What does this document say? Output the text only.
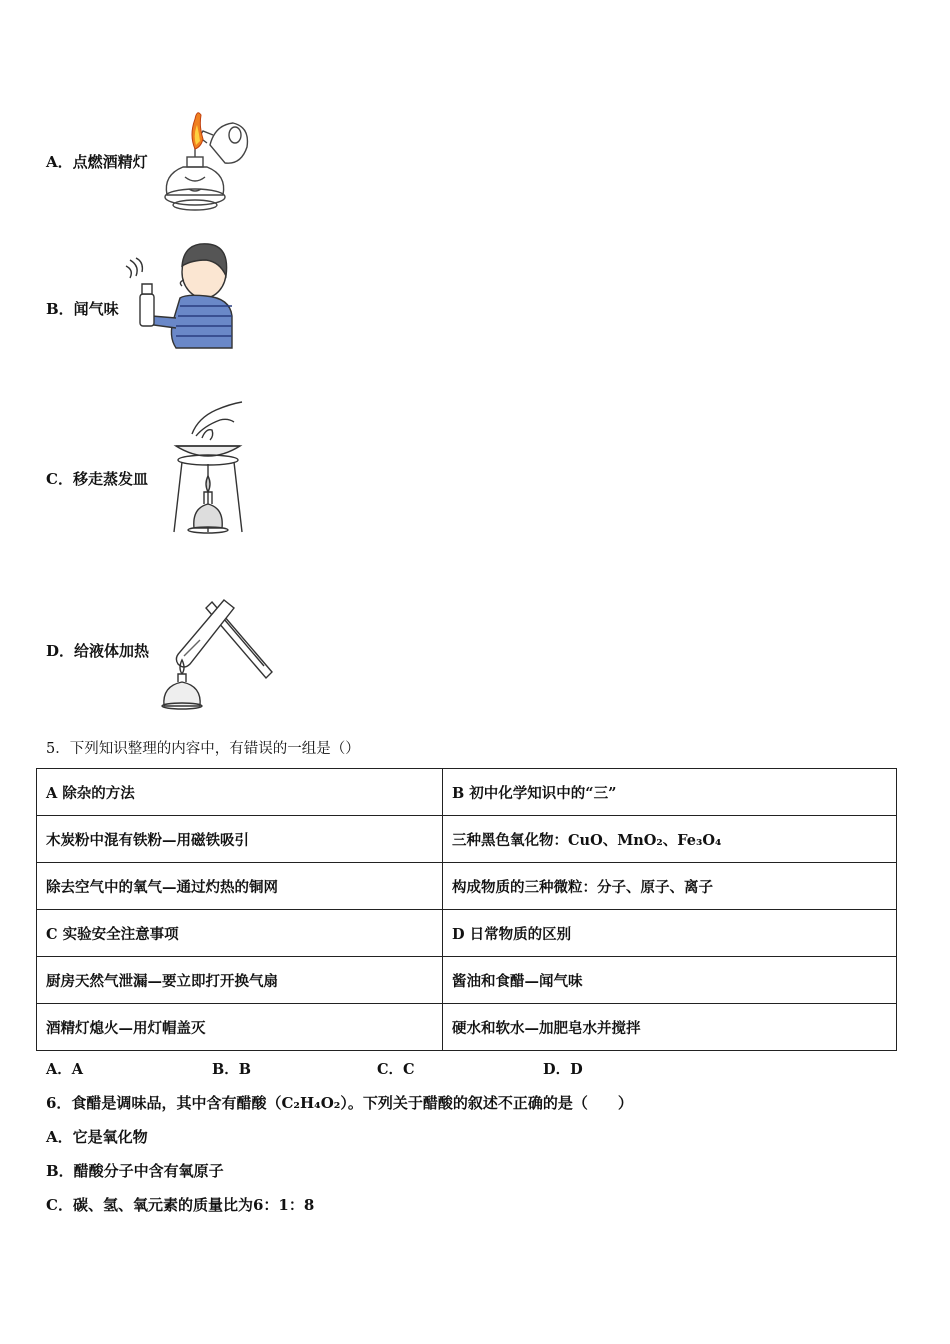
A．点燃酒精灯
B．闻气味
C．移走蒸发皿
D．给液体加热
5．下列知识整理的内容中，有错误的一组是（）
A 除杂的方法	B 初中化学知识中的“三”
木炭粉中混有铁粉—用磁铁吸引	三种黑色氧化物：CuO、MnO₂、Fe₃O₄
除去空气中的氧气—通过灼热的铜网	构成物质的三种微粒：分子、原子、离子
C 实验安全注意事项	D 日常物质的区别
厨房天然气泄漏—要立即打开换气扇	酱油和食醋—闻气味
酒精灯熄火—用灯帽盖灭	硬水和软水—加肥皂水并搅拌
A．A	B．B	C．C	D．D
6．食醋是调味品，其中含有醋酸（C₂H₄O₂）。下列关于醋酸的叙述不正确的是（　　）
A．它是氧化物
B．醋酸分子中含有氧原子
C．碳、氢、氧元素的质量比为6：1：8
